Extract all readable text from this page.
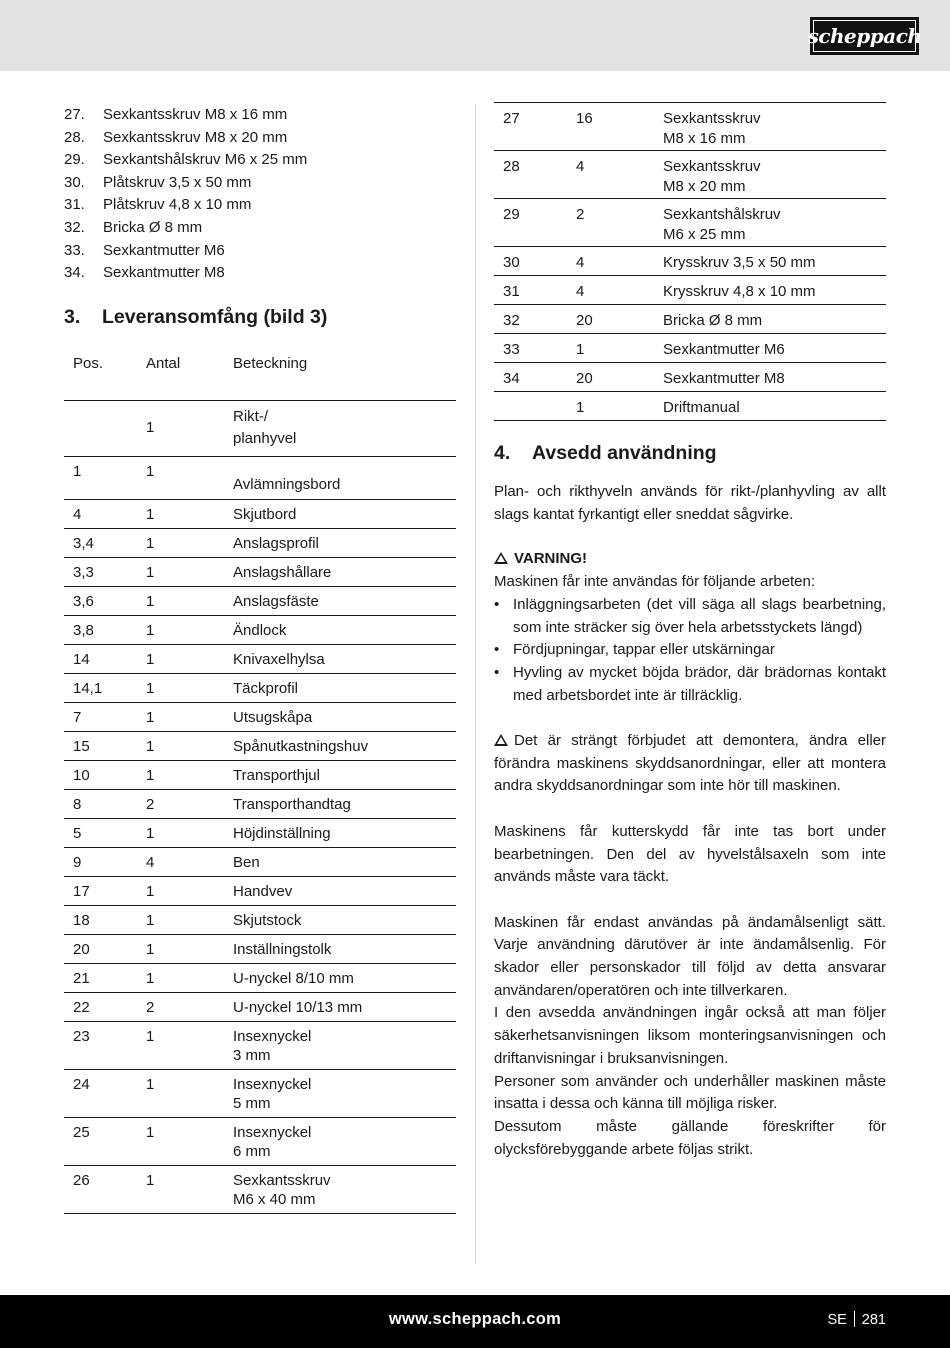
scheppach
27.	Sexkantsskruv M8 x 16 mm
28.	Sexkantsskruv M8 x 20 mm
29.	Sexkantshålskruv M6 x 25 mm
30.	Plåtskruv 3,5 x 50 mm
31.	Plåtskruv 4,8 x 10 mm
32.	Bricka Ø 8 mm
33.	Sexkantmutter M6
34.	Sexkantmutter M8
3.	Leveransomfång (bild 3)
Pos.	Antal	Beteckning
	1	Rikt-/
planhyvel

1	1	Avlämningsbord
4	1	Skjutbord
3,4	1	Anslagsprofil
3,3	1	Anslagshållare
3,6	1	Anslagsfäste
3,8	1	Ändlock
14	1	Knivaxelhylsa
14,1	1	Täckprofil
7	1	Utsugskåpa
15	1	Spånutkastningshuv
10	1	Transporthjul
8	2	Transporthandtag
5	1	Höjdinställning
9	4	Ben
17	1	Handvev
18	1	Skjutstock
20	1	Inställningstolk
21	1	U-nyckel 8/10 mm
22	2	U-nyckel 10/13 mm
23	1	Insexnyckel
3 mm

24	1	Insexnyckel
5 mm

25	1	Insexnyckel
6 mm

26	1	Sexkantsskruv
M6 x 40 mm
27	16	Sexkantsskruv
M8 x 16 mm

28	4	Sexkantsskruv
M8 x 20 mm

29	2	Sexkantshålskruv
M6 x 25 mm

30	4	Krysskruv 3,5 x 50 mm
31	4	Krysskruv 4,8 x 10 mm
32	20	Bricka Ø 8 mm
33	1	Sexkantmutter M6
34	20	Sexkantmutter M8
	1	Driftmanual
4.	Avsedd användning

Plan- och rikthyveln används för rikt-/planhyvling av allt slags kantat fyrkantigt eller sneddat sågvirke.

VARNING!

Maskinen får inte användas för följande arbeten:

• Inläggningsarbeten (det vill säga all slags bearbetning, som inte sträcker sig över hela arbetsstyckets längd)
• Fördjupningar, tappar eller utskärningar
• Hyvling av mycket böjda brädor, där brädornas kontakt med arbetsbordet inte är tillräcklig.

Det är strängt förbjudet att demontera, ändra eller förändra maskinens skyddsanordningar, eller att montera andra skyddsanordningar som inte hör till maskinen.

Maskinens får kutterskydd får inte tas bort under bearbetningen. Den del av hyvelstålsaxeln som inte används måste vara täckt.

Maskinen får endast användas på ändamålsenligt sätt. Varje användning därutöver är inte ändamålsenlig. För skador eller personskador till följd av detta ansvarar användaren/operatören och inte tillverkaren.

I den avsedda användningen ingår också att man följer säkerhetsanvisningen liksom monteringsanvisningen och driftanvisningar i bruksanvisningen.

Personer som använder och underhåller maskinen måste insatta i dessa och känna till möjliga risker.

Dessutom måste gällande föreskrifter för olycksförebyggande arbete följas strikt.

www.scheppach.com	SE 281
